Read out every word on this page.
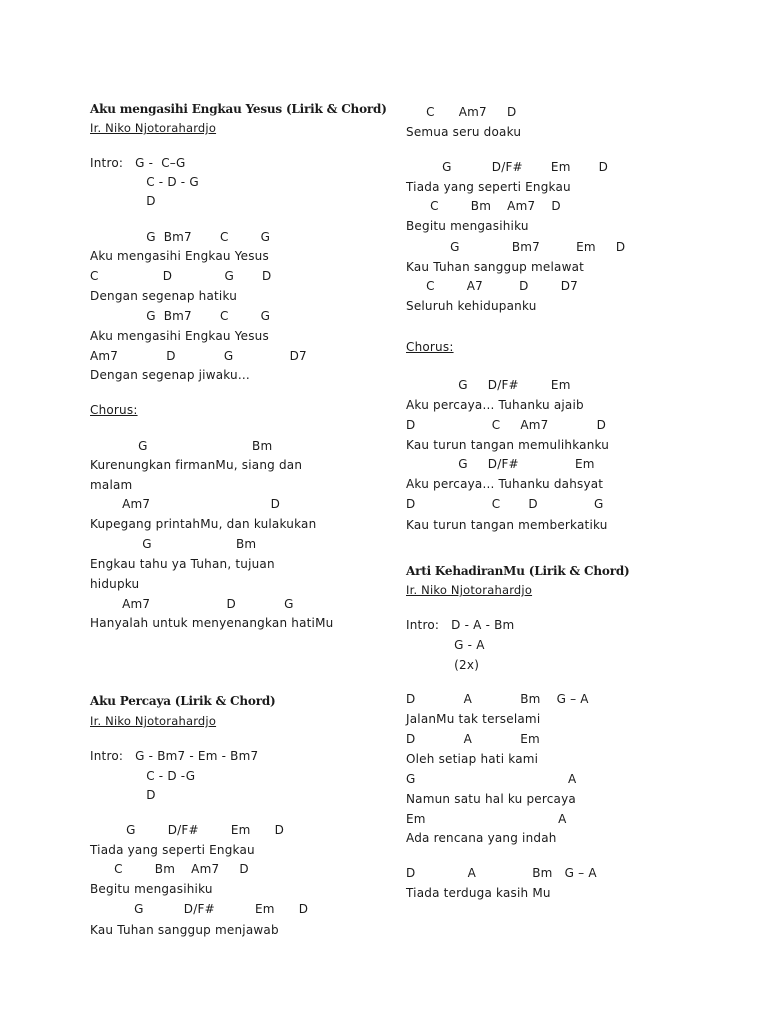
Aku mengasihi Engkau Yesus (Lirik & Chord)
Ir. Niko Njotorahardjo
Intro:   G -  C–G
C - D - G
D
G  Bm7       C        G
Aku mengasihi Engkau Yesus
C                D             G       D
Dengan segenap hatiku
G  Bm7       C        G
Aku mengasihi Engkau Yesus
Am7            D            G              D7
Dengan segenap jiwaku...
Chorus:
G                          Bm
Kurenungkan firmanMu, siang dan
malam
Am7                              D
Kupegang printahMu, dan kulakukan
G                     Bm
Engkau tahu ya Tuhan, tujuan
hidupku
Am7                   D            G
Hanyalah untuk menyenangkan hatiMu
Aku Percaya (Lirik & Chord)
Ir. Niko Njotorahardjo
Intro:   G - Bm7 - Em - Bm7
C - D -G
D
G        D/F#        Em      D
Tiada yang seperti Engkau
C        Bm    Am7     D
Begitu mengasihiku
G          D/F#          Em      D
Kau Tuhan sanggup menjawab
C      Am7     D
Semua seru doaku
G          D/F#       Em       D
Tiada yang seperti Engkau
C        Bm    Am7    D
Begitu mengasihiku
G             Bm7         Em     D
Kau Tuhan sanggup melawat
C        A7         D        D7
Seluruh kehidupanku
Chorus:
G     D/F#        Em
Aku percaya... Tuhanku ajaib
D                   C     Am7            D
Kau turun tangan memulihkanku
G     D/F#              Em
Aku percaya... Tuhanku dahsyat
D                   C       D              G
Kau turun tangan memberkatiku
Arti KehadiranMu (Lirik & Chord)
Ir. Niko Njotorahardjo
Intro:   D - A - Bm
G - A
(2x)
D            A            Bm    G – A
JalanMu tak terselami
D            A            Em
Oleh setiap hati kami
G                                      A
Namun satu hal ku percaya
Em                                 A
Ada rencana yang indah
D             A              Bm   G – A
Tiada terduga kasih Mu
